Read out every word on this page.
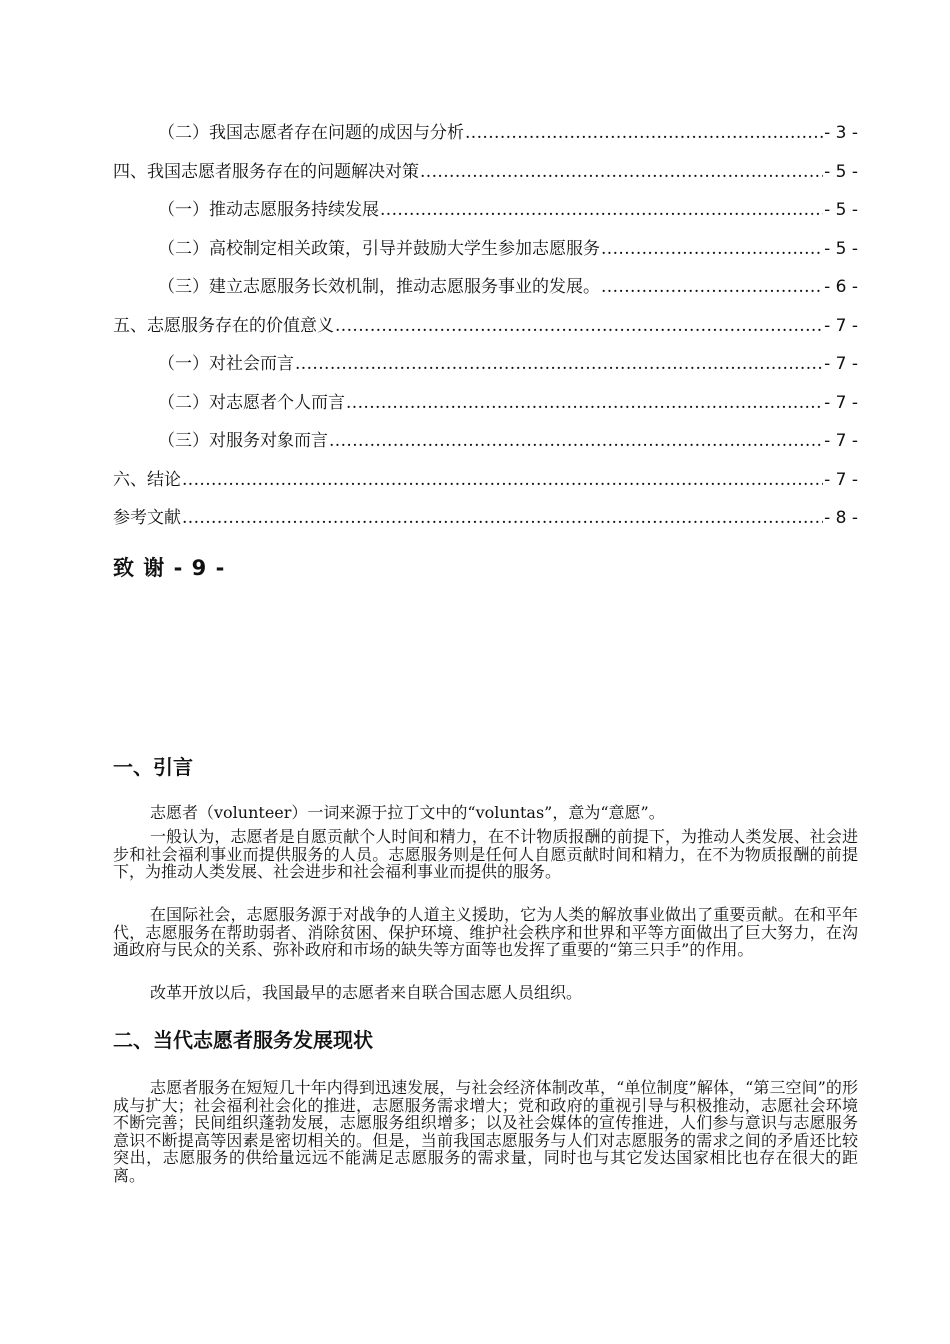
（二）我国志愿者存在问题的成因与分析 .....	- 3 -
四、我国志愿者服务存在的问题解决对策 .....	- 5 -
（一）推动志愿服务持续发展 .....	- 5 -
（二）高校制定相关政策，引导并鼓励大学生参加志愿服务 .....	- 5 -
（三）建立志愿服务长效机制，推动志愿服务事业的发展。 .....	- 6 -
五、志愿服务存在的价值意义 .....	- 7 -
（一）对社会而言 .....	- 7 -
（二）对志愿者个人而言 .....	- 7 -
（三）对服务对象而言 .....	- 7 -
六、结论 .....	- 7 -
参考文献 .....	- 8 -
致 谢 - 9 -
一、引言

志愿者（volunteer）一词来源于拉丁文中的“voluntas”，意为“意愿”。

一般认为，志愿者是自愿贡献个人时间和精力，在不计物质报酬的前提下，为推动人类发展、社会进步和社会福利事业而提供服务的人员。志愿服务则是任何人自愿贡献时间和精力，在不为物质报酬的前提下，为推动人类发展、社会进步和社会福利事业而提供的服务。

在国际社会，志愿服务源于对战争的人道主义援助，它为人类的解放事业做出了重要贡献。在和平年代，志愿服务在帮助弱者、消除贫困、保护环境、维护社会秩序和世界和平等方面做出了巨大努力，在沟通政府与民众的关系、弥补政府和市场的缺失等方面等也发挥了重要的“第三只手”的作用。

改革开放以后，我国最早的志愿者来自联合国志愿人员组织。

二、当代志愿者服务发展现状

志愿者服务在短短几十年内得到迅速发展，与社会经济体制改革，“单位制度”解体，“第三空间”的形成与扩大；社会福利社会化的推进，志愿服务需求增大；党和政府的重视引导与积极推动，志愿社会环境不断完善；民间组织蓬勃发展，志愿服务组织增多；以及社会媒体的宣传推进，人们参与意识与志愿服务意识不断提高等因素是密切相关的。但是，当前我国志愿服务与人们对志愿服务的需求之间的矛盾还比较突出，志愿服务的供给量远远不能满足志愿服务的需求量，同时也与其它发达国家相比也存在很大的距离。
